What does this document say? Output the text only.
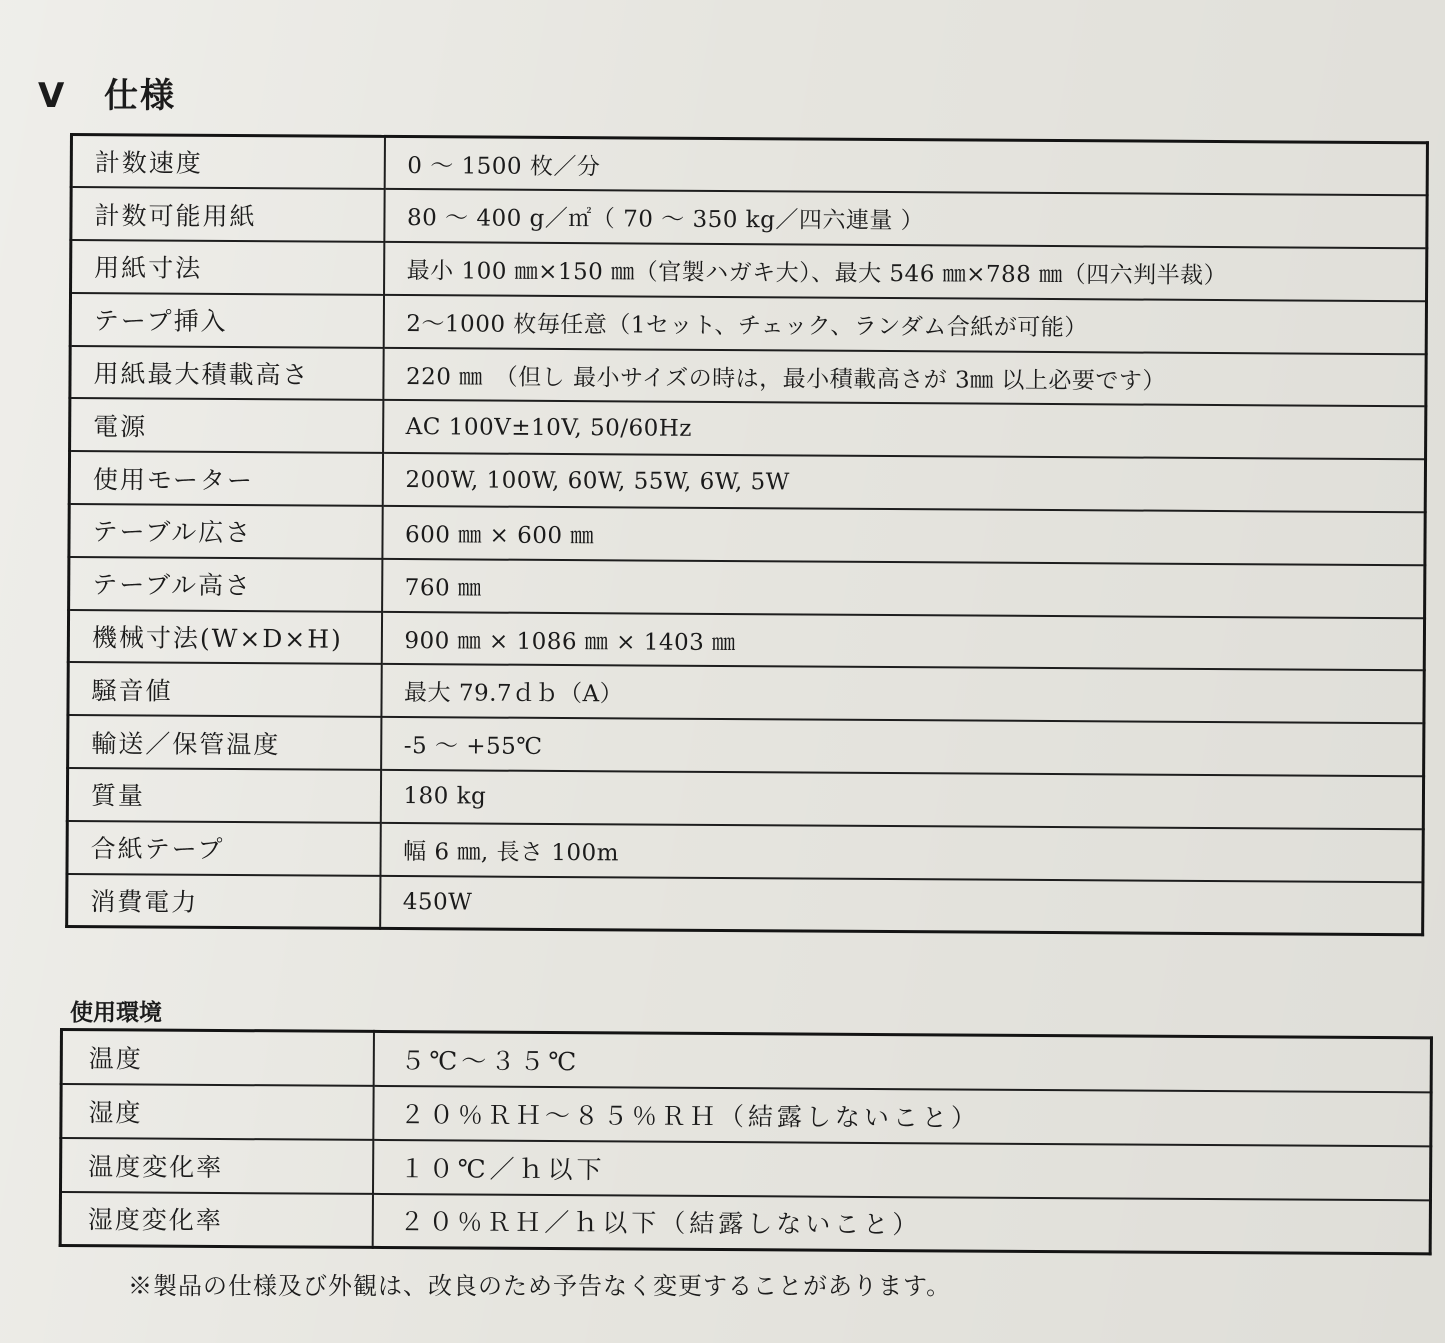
V 仕様
計数速度	0 ～ 1500 枚／分
計数可能用紙	80 ～ 400 g／㎡（ 70 ～ 350 kg／四六連量 ）
用紙寸法	最小 100 ㎜×150 ㎜（官製ハガキ大）、最大 546 ㎜×788 ㎜（四六判半裁）
テープ挿入	2～1000 枚毎任意（1セット、チェック、ランダム合紙が可能）
用紙最大積載高さ	220 ㎜　（但し 最小サイズの時は，最小積載高さが 3㎜ 以上必要です）
電源	AC 100V±10V, 50/60Hz
使用モーター	200W, 100W, 60W, 55W, 6W, 5W
テーブル広さ	600 ㎜ × 600 ㎜
テーブル高さ	760 ㎜
機械寸法(W×D×H)	900 ㎜ × 1086 ㎜ × 1403 ㎜
騒音値	最大 79.7ｄｂ（A）
輸送／保管温度	-5 ～ +55℃
質量	180 kg
合紙テープ	幅 6 ㎜, 長さ 100m
消費電力	450W
使用環境
温度	５℃～３５℃
湿度	２０％ＲＨ～８５％ＲＨ（結露しないこと）
温度変化率	１０℃／ｈ以下
湿度変化率	２０％ＲＨ／ｈ以下（結露しないこと）
※製品の仕様及び外観は、改良のため予告なく変更することがあります。
